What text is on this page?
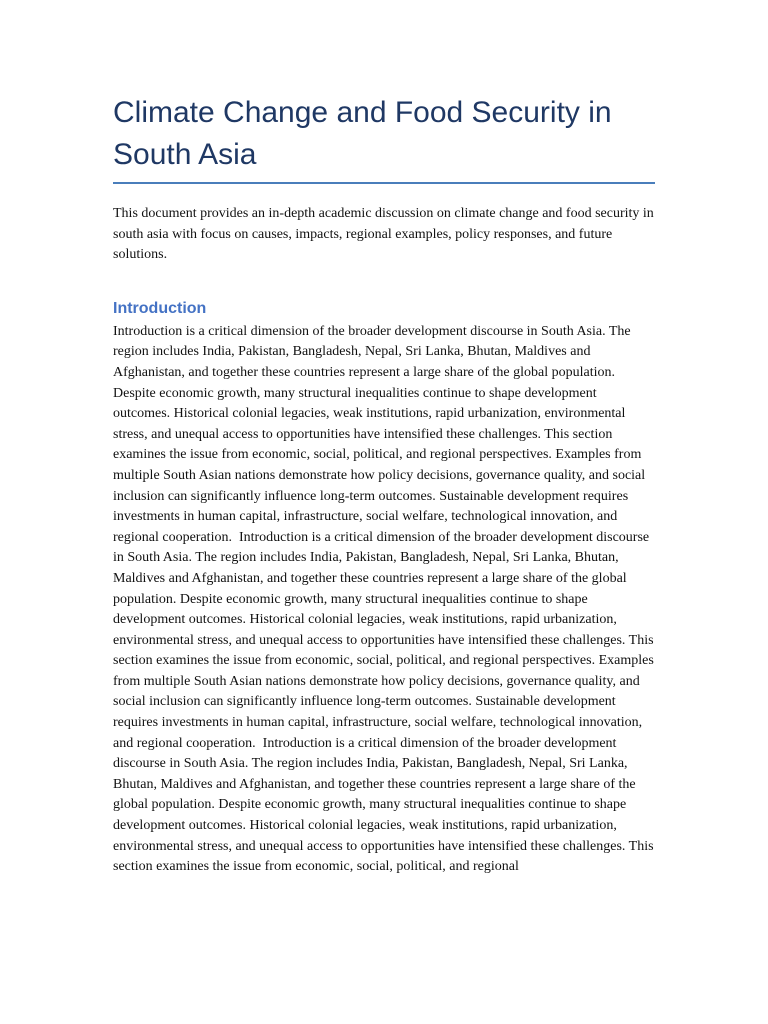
Climate Change and Food Security in South Asia

This document provides an in-depth academic discussion on climate change and food security in south asia with focus on causes, impacts, regional examples, policy responses, and future solutions.

Introduction

Introduction is a critical dimension of the broader development discourse in South Asia. The region includes India, Pakistan, Bangladesh, Nepal, Sri Lanka, Bhutan, Maldives and Afghanistan, and together these countries represent a large share of the global population. Despite economic growth, many structural inequalities continue to shape development outcomes. Historical colonial legacies, weak institutions, rapid urbanization, environmental stress, and unequal access to opportunities have intensified these challenges. This section examines the issue from economic, social, political, and regional perspectives. Examples from multiple South Asian nations demonstrate how policy decisions, governance quality, and social inclusion can significantly influence long-term outcomes. Sustainable development requires investments in human capital, infrastructure, social welfare, technological innovation, and regional cooperation.  Introduction is a critical dimension of the broader development discourse in South Asia. The region includes India, Pakistan, Bangladesh, Nepal, Sri Lanka, Bhutan, Maldives and Afghanistan, and together these countries represent a large share of the global population. Despite economic growth, many structural inequalities continue to shape development outcomes. Historical colonial legacies, weak institutions, rapid urbanization, environmental stress, and unequal access to opportunities have intensified these challenges. This section examines the issue from economic, social, political, and regional perspectives. Examples from multiple South Asian nations demonstrate how policy decisions, governance quality, and social inclusion can significantly influence long-term outcomes. Sustainable development requires investments in human capital, infrastructure, social welfare, technological innovation, and regional cooperation.  Introduction is a critical dimension of the broader development discourse in South Asia. The region includes India, Pakistan, Bangladesh, Nepal, Sri Lanka, Bhutan, Maldives and Afghanistan, and together these countries represent a large share of the global population. Despite economic growth, many structural inequalities continue to shape development outcomes. Historical colonial legacies, weak institutions, rapid urbanization, environmental stress, and unequal access to opportunities have intensified these challenges. This section examines the issue from economic, social, political, and regional
